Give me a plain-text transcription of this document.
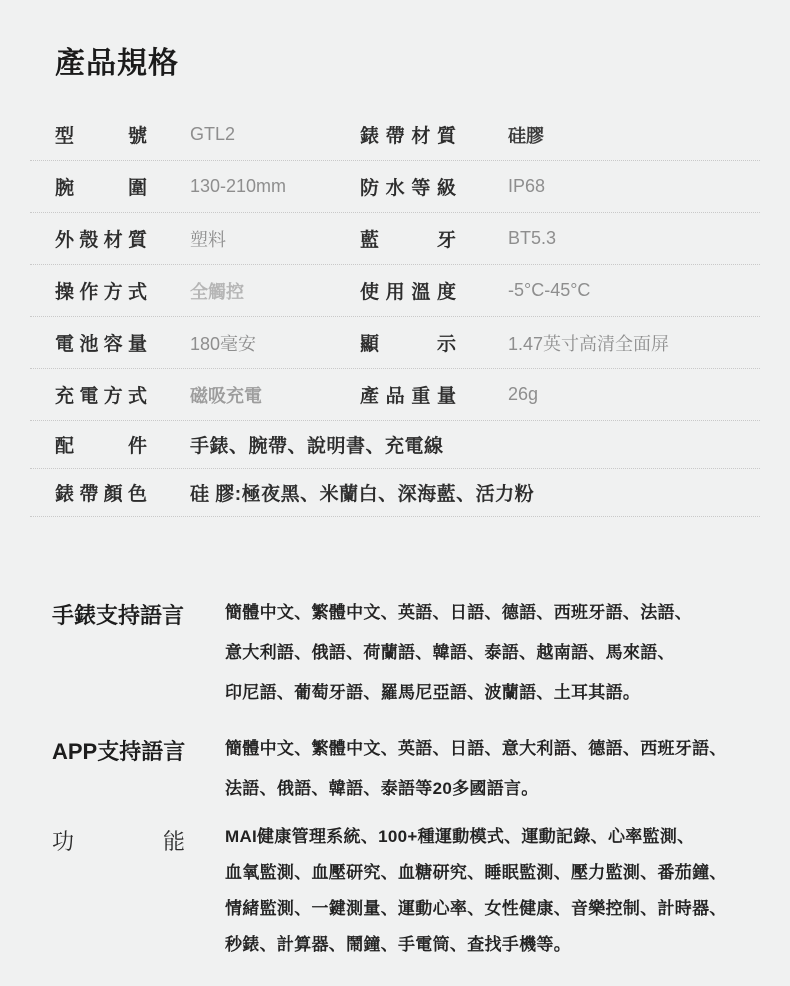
產品規格
型號 GTL2	錶帶材質	硅膠
腕圍 130-210mm	防水等級	IP68
外殼材質 塑料	藍牙	BT5.3
操作方式 全觸控	使用溫度	-5°C-45°C
電池容量 180毫安	顯示	1.47英寸高清全面屏
充電方式 磁吸充電	產品重量	26g
配件 手錶、腕帶、說明書、充電線
錶帶顏色 硅 膠:極夜黑、米蘭白、深海藍、活力粉
手錶支持語言	簡體中文、繁體中文、英語、日語、德語、西班牙語、法語、
意大利語、俄語、荷蘭語、韓語、泰語、越南語、馬來語、
印尼語、葡萄牙語、羅馬尼亞語、波蘭語、土耳其語。
APP支持語言	簡體中文、繁體中文、英語、日語、意大利語、德語、西班牙語、
法語、俄語、韓語、泰語等20多國語言。
功能	MAI健康管理系統、100+種運動模式、運動記錄、心率監測、
血氧監測、血壓研究、血糖研究、睡眠監測、壓力監測、番茄鐘、
情緒監測、一鍵測量、運動心率、女性健康、音樂控制、計時器、
秒錶、計算器、鬧鐘、手電筒、查找手機等。
